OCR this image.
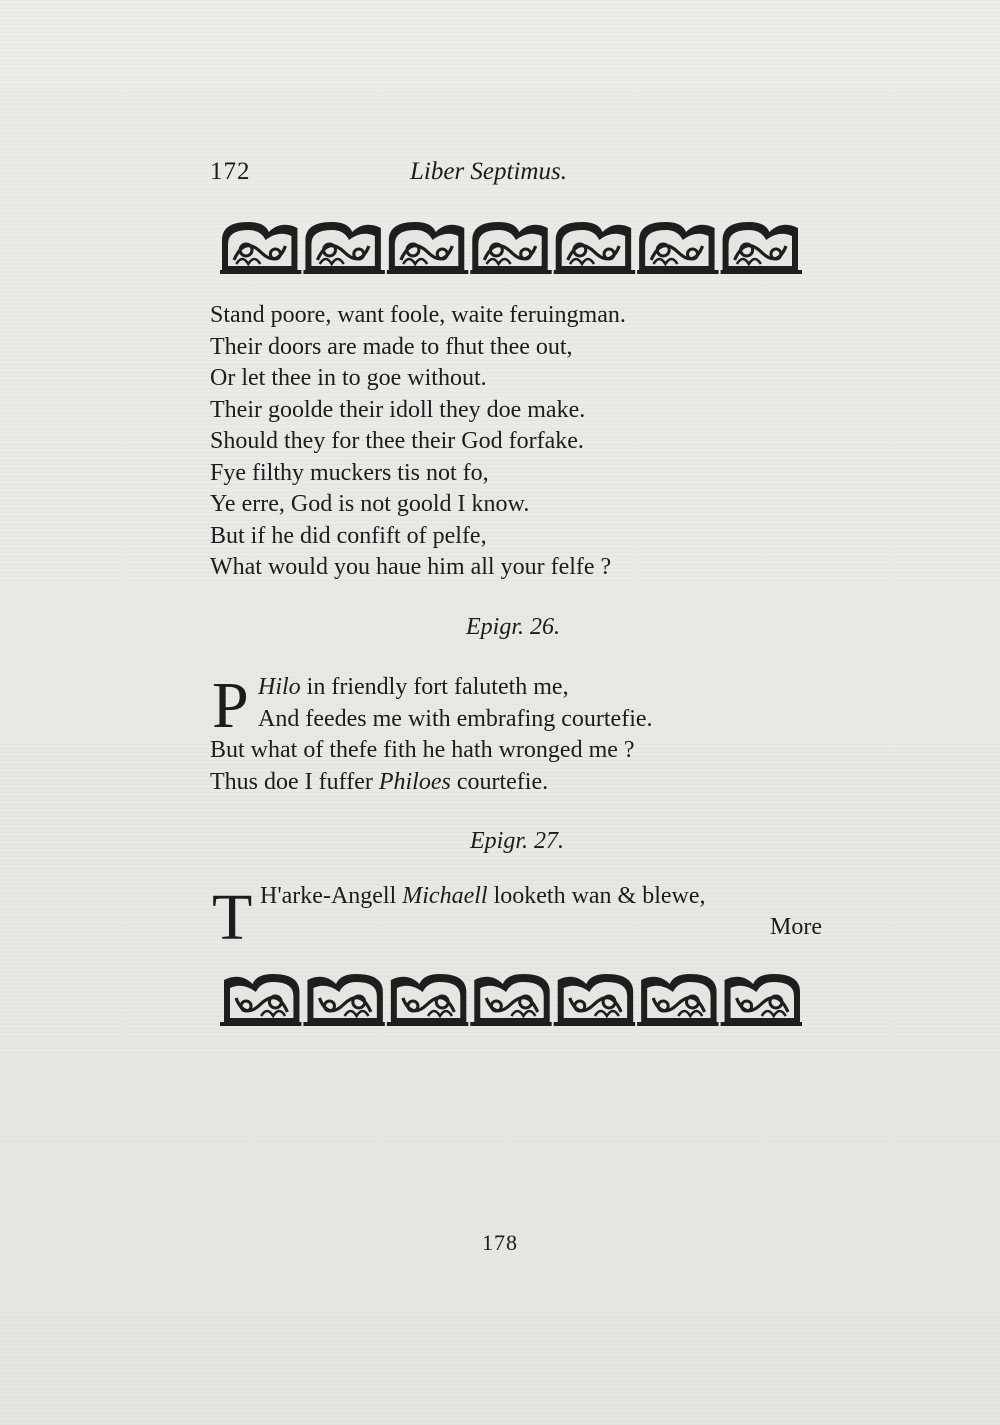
172	Liber Septimus.
Stand poore, want foole, waite feruingman.
Their doors are made to fhut thee out,
Or let thee in to goe without.
Their goolde their idoll they doe make.
Should they for thee their God forfake.
Fye filthy muckers tis not fo,
Ye erre, God is not goold I know.
But if he did confift of pelfe,
What would you haue him all your felfe ?
Epigr. 26.
P Hilo in friendly fort faluteth me,
And feedes me with embrafing courtefie.
But what of thefe fith he hath wronged me ?
Thus doe I fuffer Philoes courtefie.
Epigr. 27.
T H'arke-Angell Michaell looketh wan & blewe,
More
178
